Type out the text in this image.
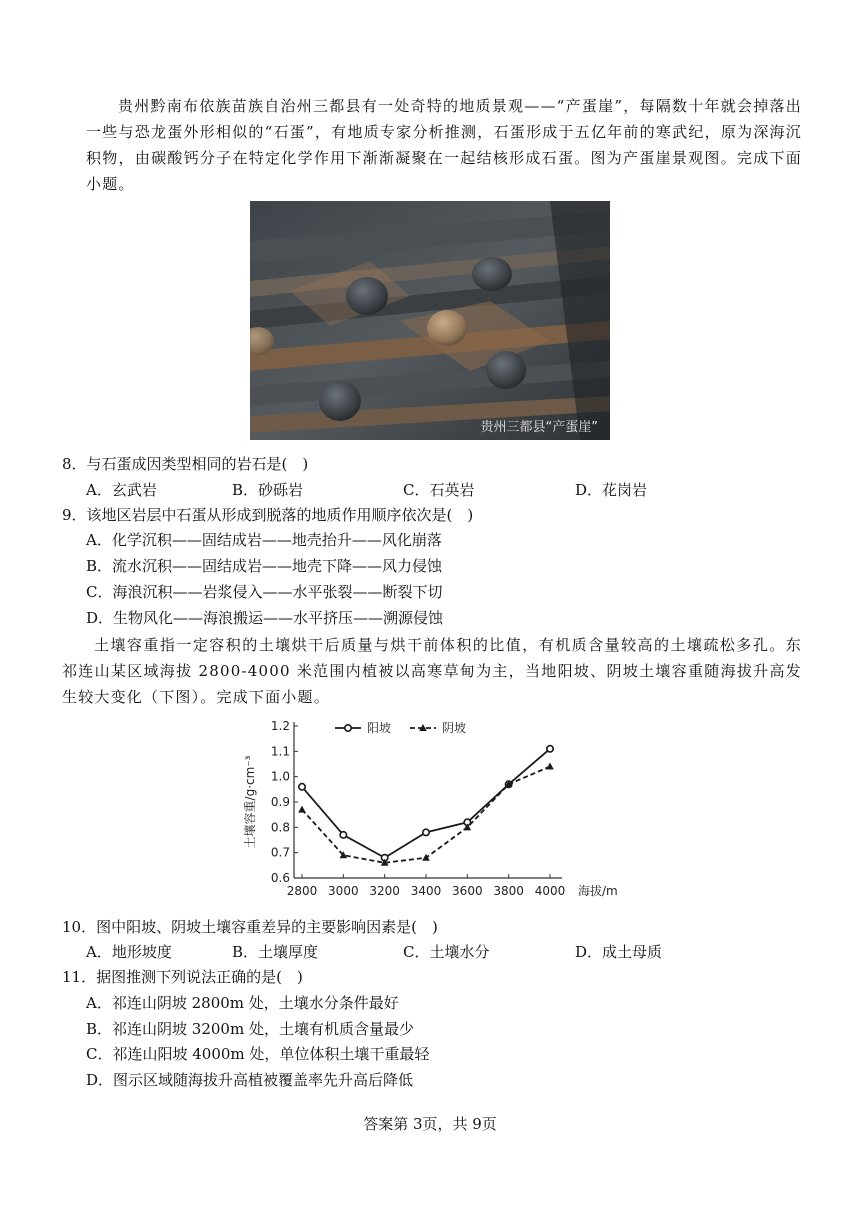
贵州黔南布依族苗族自治州三都县有一处奇特的地质景观——“产蛋崖”，每隔数十年就会掉落出一些与恐龙蛋外形相似的“石蛋”，有地质专家分析推测，石蛋形成于五亿年前的寒武纪，原为深海沉积物，由碳酸钙分子在特定化学作用下渐渐凝聚在一起结核形成石蛋。图为产蛋崖景观图。完成下面小题。
贵州三都县“产蛋崖”
8．与石蛋成因类型相同的岩石是(　)
A．玄武岩	B．砂砾岩	C．石英岩	D．花岗岩
9．该地区岩层中石蛋从形成到脱落的地质作用顺序依次是(　)
A．化学沉积——固结成岩——地壳抬升——风化崩落
B．流水沉积——固结成岩——地壳下降——风力侵蚀
C．海浪沉积——岩浆侵入——水平张裂——断裂下切
D．生物风化——海浪搬运——水平挤压——溯源侵蚀
土壤容重指一定容积的土壤烘干后质量与烘干前体积的比值，有机质含量较高的土壤疏松多孔。东祁连山某区域海拔 2800-4000 米范围内植被以高寒草甸为主，当地阳坡、阴坡土壤容重随海拔升高发生较大变化（下图）。完成下面小题。
0.6
0.7
0.8
0.9
1.0
1.1
1.2
2800 3000 3200 3400 3600 3800 4000 海拔/m
土壤容重/g·cm⁻³
阳坡	阴坡
10．图中阳坡、阴坡土壤容重差异的主要影响因素是(　)
A．地形坡度	B．土壤厚度	C．土壤水分	D．成土母质
11．据图推测下列说法正确的是(　)
A．祁连山阴坡 2800m 处，土壤水分条件最好
B．祁连山阴坡 3200m 处，土壤有机质含量最少
C．祁连山阳坡 4000m 处，单位体积土壤干重最轻
D．图示区域随海拔升高植被覆盖率先升高后降低
答案第 3页，共 9页
